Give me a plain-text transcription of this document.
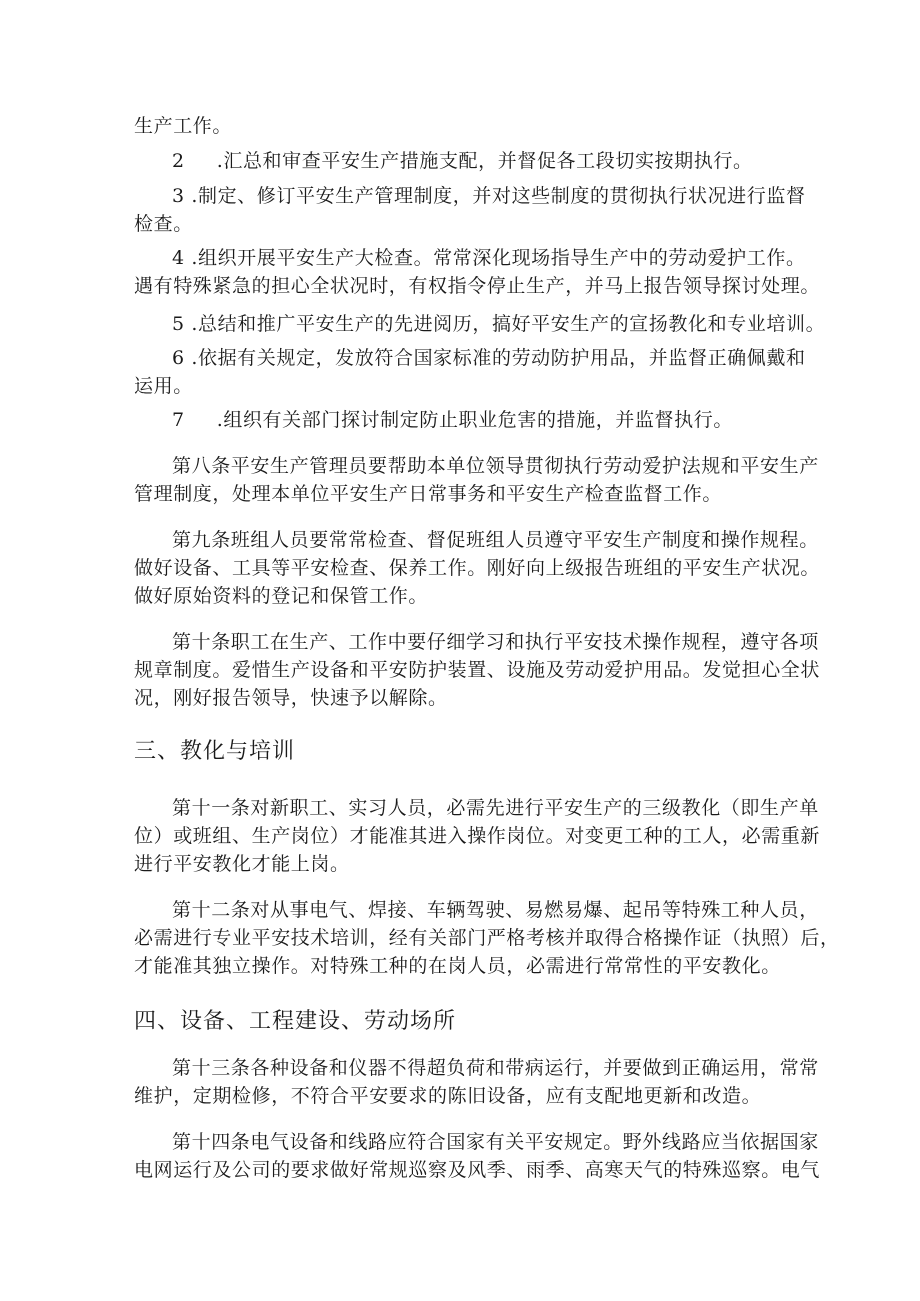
生产工作。
2 .汇总和审查平安生产措施支配，并督促各工段切实按期执行。
3 .制定、修订平安生产管理制度，并对这些制度的贯彻执行状况进行监督
检查。
4 .组织开展平安生产大检查。常常深化现场指导生产中的劳动爱护工作。
遇有特殊紧急的担心全状况时，有权指令停止生产，并马上报告领导探讨处理。
5 .总结和推广平安生产的先进阅历，搞好平安生产的宣扬教化和专业培训。
6 .依据有关规定，发放符合国家标准的劳动防护用品，并监督正确佩戴和
运用。
7 .组织有关部门探讨制定防止职业危害的措施，并监督执行。
第八条平安生产管理员要帮助本单位领导贯彻执行劳动爱护法规和平安生产
管理制度，处理本单位平安生产日常事务和平安生产检查监督工作。
第九条班组人员要常常检查、督促班组人员遵守平安生产制度和操作规程。
做好设备、工具等平安检查、保养工作。刚好向上级报告班组的平安生产状况。
做好原始资料的登记和保管工作。
第十条职工在生产、工作中要仔细学习和执行平安技术操作规程，遵守各项
规章制度。爱惜生产设备和平安防护装置、设施及劳动爱护用品。发觉担心全状
况，刚好报告领导，快速予以解除。
三、教化与培训
第十一条对新职工、实习人员，必需先进行平安生产的三级教化（即生产单
位）或班组、生产岗位）才能准其进入操作岗位。对变更工种的工人，必需重新
进行平安教化才能上岗。
第十二条对从事电气、焊接、车辆驾驶、易燃易爆、起吊等特殊工种人员，
必需进行专业平安技术培训，经有关部门严格考核并取得合格操作证（执照）后，
才能准其独立操作。对特殊工种的在岗人员，必需进行常常性的平安教化。
四、设备、工程建设、劳动场所
第十三条各种设备和仪器不得超负荷和带病运行，并要做到正确运用，常常
维护，定期检修，不符合平安要求的陈旧设备，应有支配地更新和改造。
第十四条电气设备和线路应符合国家有关平安规定。野外线路应当依据国家
电网运行及公司的要求做好常规巡察及风季、雨季、高寒天气的特殊巡察。电气
